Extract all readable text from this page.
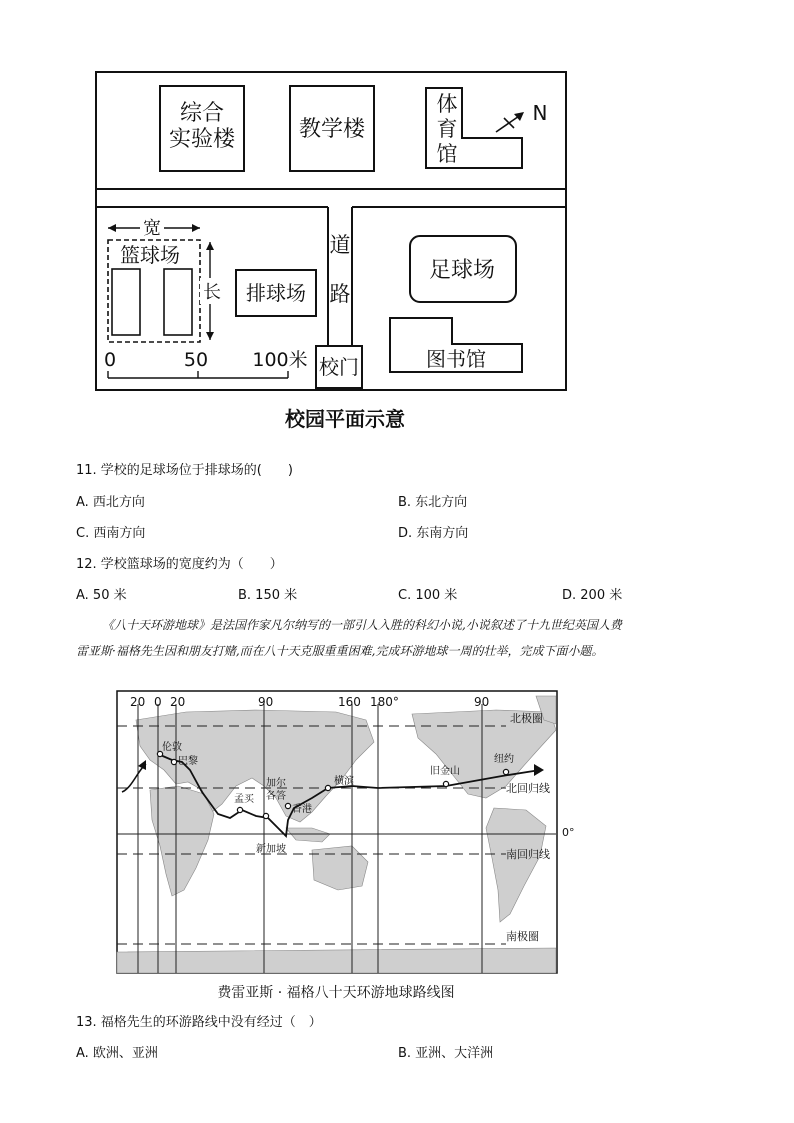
综合
实验楼	教学楼
体
育
馆
N
篮球场
宽
长 排球场
道
路
校门
足球场
图书馆
0	50 100米
校园平面示意
11. 学校的足球场位于排球场的(　　)
A. 西北方向	B. 东北方向
C. 西南方向	D. 东南方向
12. 学校篮球场的宽度约为（　　）
A. 50 米	B. 150 米	C. 100 米	D. 200 米
《八十天环游地球》是法国作家凡尔纳写的一部引人入胜的科幻小说,小说叙述了十九世纪英国人费
雷亚斯·福格先生因和朋友打赌,而在八十天克服重重困难,完成环游地球一周的壮举，完成下面小题。
伦敦
巴黎
孟买
加尔
各答
香港
新加坡
横滨
旧金山
纽约
20 0 20	90	160 180°	90
北极圈
北回归线
南回归线
南极圈
0°
费雷亚斯 · 福格八十天环游地球路线图
13. 福格先生的环游路线中没有经过（　）
A. 欧洲、亚洲	B. 亚洲、大洋洲
